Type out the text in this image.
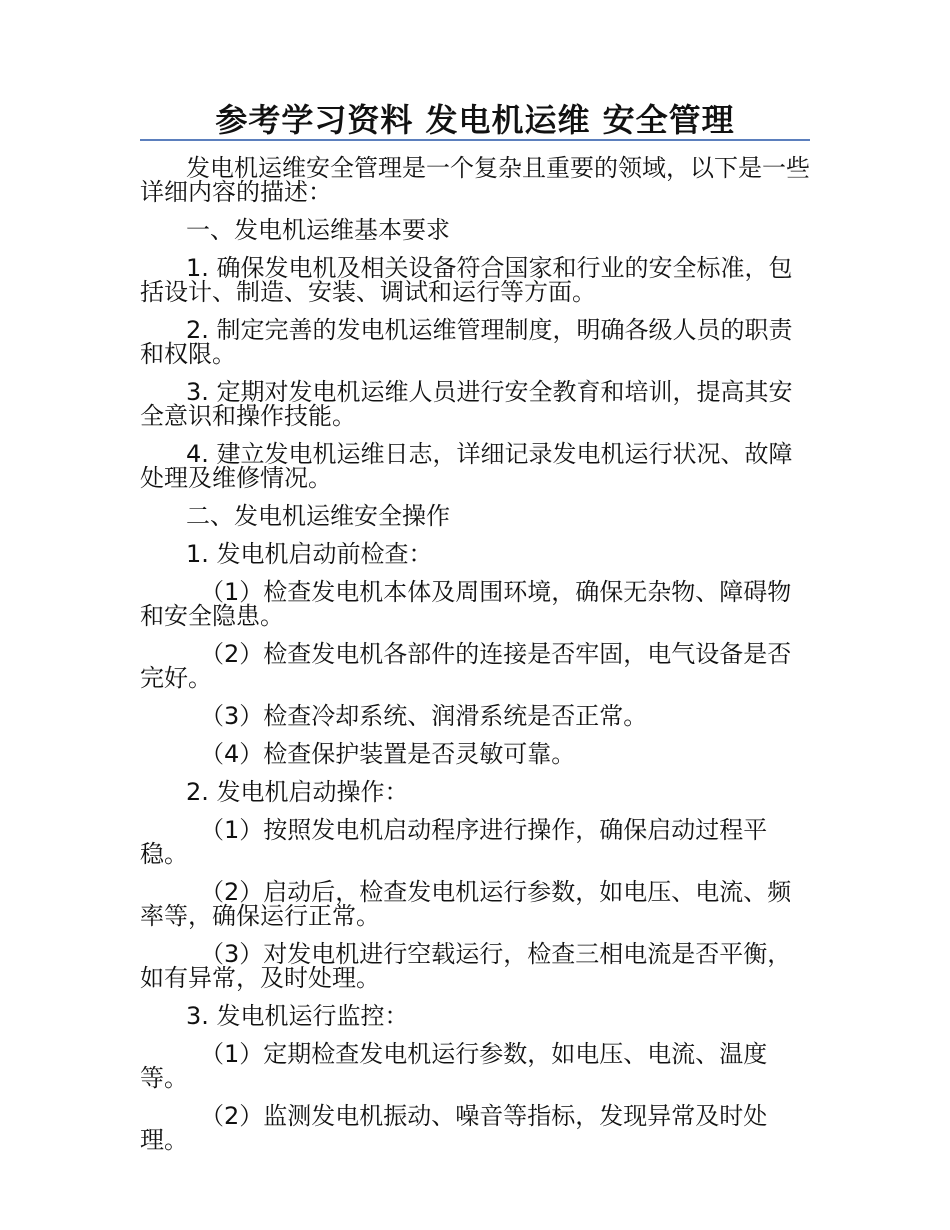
参考学习资料 发电机运维 安全管理

发电机运维安全管理是一个复杂且重要的领域，以下是一些详细内容的描述：

一、发电机运维基本要求

1. 确保发电机及相关设备符合国家和行业的安全标准，包括设计、制造、安装、调试和运行等方面。

2. 制定完善的发电机运维管理制度，明确各级人员的职责和权限。

3. 定期对发电机运维人员进行安全教育和培训，提高其安全意识和操作技能。

4. 建立发电机运维日志，详细记录发电机运行状况、故障处理及维修情况。

二、发电机运维安全操作

1. 发电机启动前检查：

（1）检查发电机本体及周围环境，确保无杂物、障碍物和安全隐患。

（2）检查发电机各部件的连接是否牢固，电气设备是否完好。

（3）检查冷却系统、润滑系统是否正常。

（4）检查保护装置是否灵敏可靠。

2. 发电机启动操作：

（1）按照发电机启动程序进行操作，确保启动过程平稳。

（2）启动后，检查发电机运行参数，如电压、电流、频率等，确保运行正常。

（3）对发电机进行空载运行，检查三相电流是否平衡，如有异常，及时处理。

3. 发电机运行监控：

（1）定期检查发电机运行参数，如电压、电流、温度等。

（2）监测发电机振动、噪音等指标，发现异常及时处理。
